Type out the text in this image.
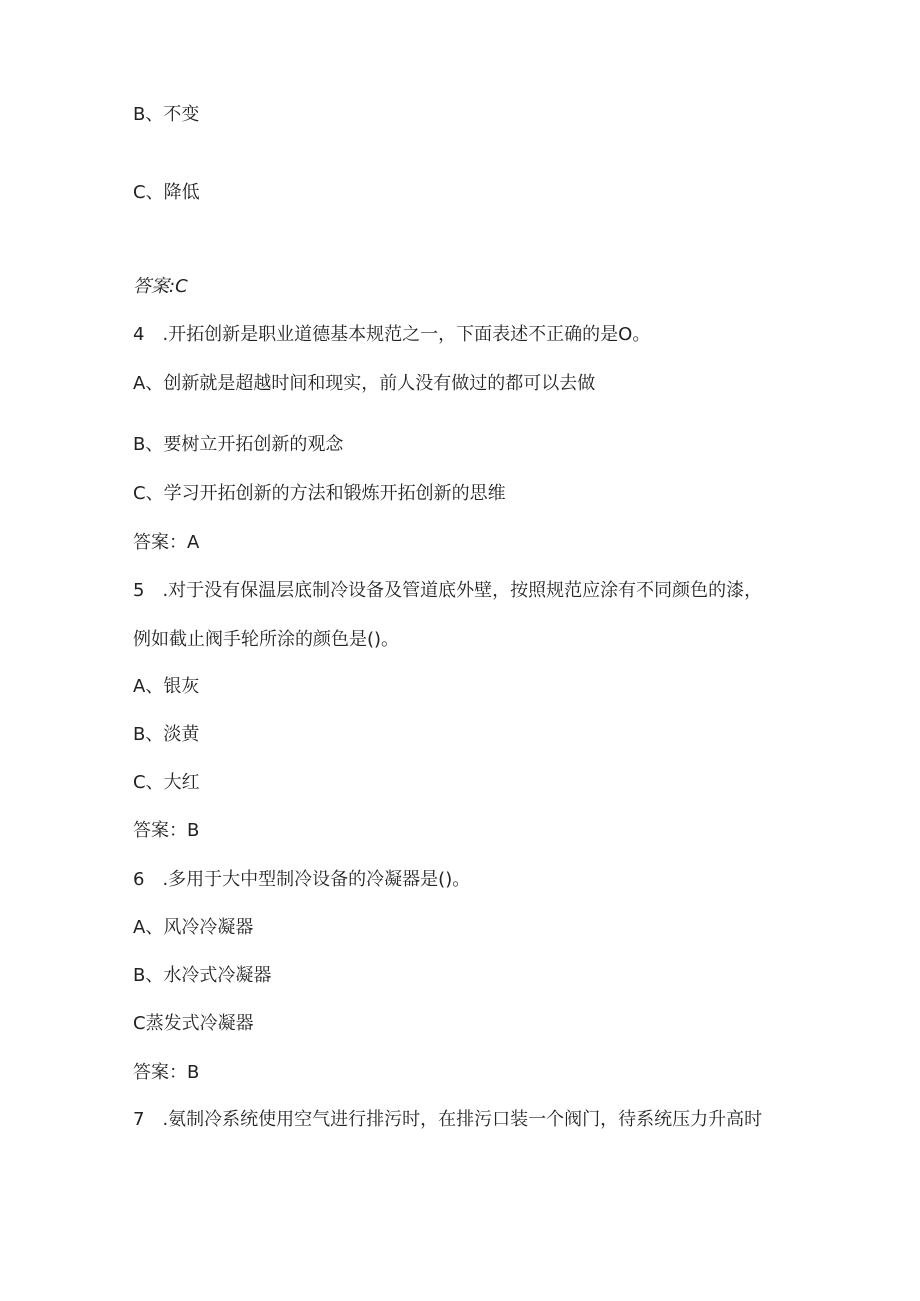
B、不变

C、降低

答案:C

4　.开拓创新是职业道德基本规范之一，下面表述不正确的是O。

A、创新就是超越时间和现实，前人没有做过的都可以去做

B、要树立开拓创新的观念

C、学习开拓创新的方法和锻炼开拓创新的思维

答案：A

5　.对于没有保温层底制冷设备及管道底外壁，按照规范应涂有不同颜色的漆，

例如截止阀手轮所涂的颜色是()。

A、银灰

B、淡黄

C、大红

答案：B

6　.多用于大中型制冷设备的冷凝器是()。

A、风冷冷凝器

B、水冷式冷凝器

C蒸发式冷凝器

答案：B

7　.氨制冷系统使用空气进行排污时，在排污口装一个阀门，待系统压力升高时
